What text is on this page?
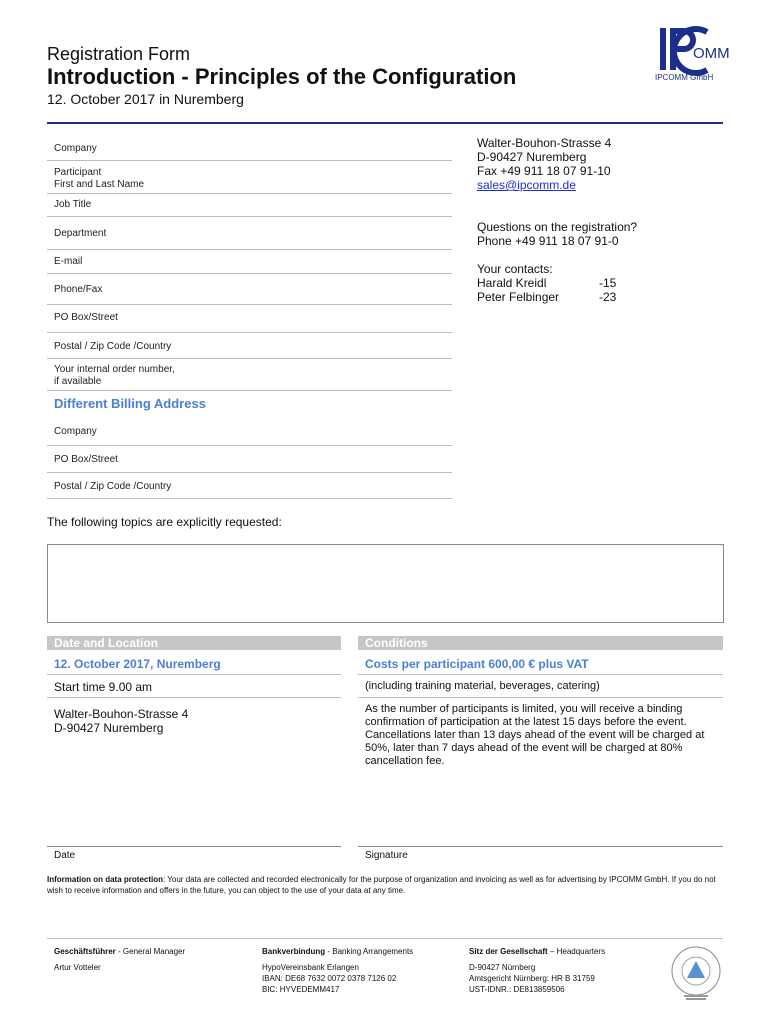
Registration Form
Introduction - Principles of the Configuration
12. October 2017 in Nuremberg
OMM
IPCOMM GmbH
Company
Participant
First and Last Name
Job Title
Department
E-mail
Phone/Fax
PO Box/Street
Postal / Zip Code /Country
Your internal order number,
if available
Different Billing Address
Company
PO Box/Street
Postal / Zip Code /Country
Walter-Bouhon-Strasse 4
D-90427 Nuremberg
Fax +49 911 18 07 91-10
sales@ipcomm.de
Questions on the registration?
Phone +49 911 18 07 91-0
Your contacts:
Harald Kreidl	-15
Peter Felbinger	-23
The following topics are explicitly requested:
Date and Location
12. October 2017, Nuremberg
Start time 9.00 am
Walter-Bouhon-Strasse 4
D-90427 Nuremberg
Conditions
Costs per participant 600,00 € plus VAT
(including training material, beverages, catering)
As the number of participants is limited, you will receive a binding confirmation of participation at the latest 15 days before the event. Cancellations later than 13 days ahead of the event will be charged at 50%, later than 7 days ahead of the event will be charged at 80% cancellation fee.
Date	Signature
Information on data protection: Your data are collected and recorded electronically for the purpose of organization and invoicing as well as for advertising by IPCOMM GmbH. If you do not wish to receive information and offers in the future, you can object to the use of your data at any time.
Geschäftsführer - General Manager
Artur Votteler
Bankverbindung - Banking Arrangements
HypoVereinsbank Erlangen
IBAN: DE68 7632 0072 0378 7126 02
BIC: HYVEDEMM417
Sitz der Gesellschaft – Headquarters
D-90427 Nürnberg
Amtsgericht Nürnberg: HR B 31759
UST-IDNR.: DE813859506
